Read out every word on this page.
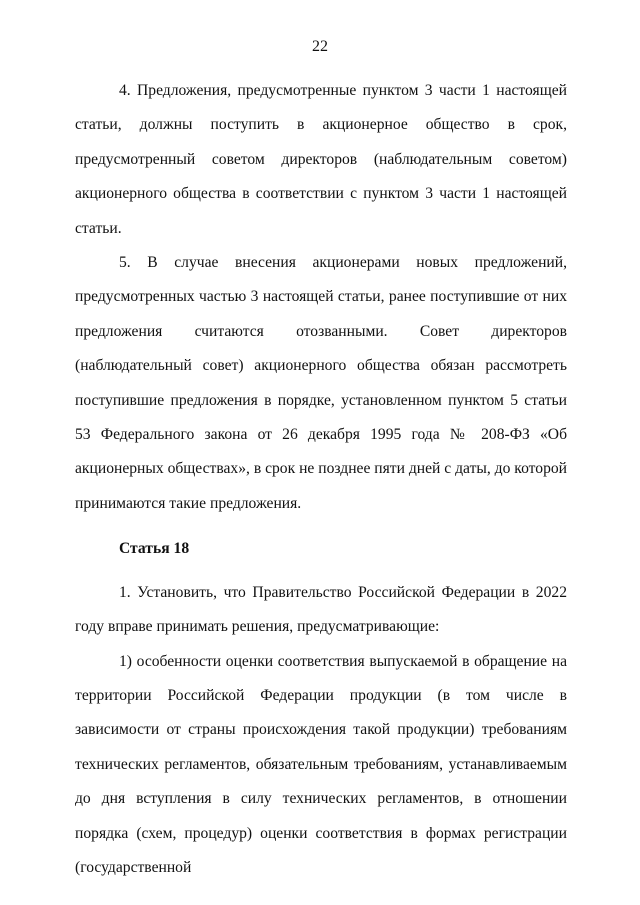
22

4. Предложения, предусмотренные пунктом 3 части 1 настоящей статьи, должны поступить в акционерное общество в срок, предусмотренный советом директоров (наблюдательным советом) акционерного общества в соответствии с пунктом 3 части 1 настоящей статьи.

5. В случае внесения акционерами новых предложений, предусмотренных частью 3 настоящей статьи, ранее поступившие от них предложения считаются отозванными. Совет директоров (наблюдательный совет) акционерного общества обязан рассмотреть поступившие предложения в порядке, установленном пунктом 5 статьи 53 Федерального закона от 26 декабря 1995 года № 208-ФЗ «Об акционерных обществах», в срок не позднее пяти дней с даты, до которой принимаются такие предложения.

Статья 18

1. Установить, что Правительство Российской Федерации в 2022 году вправе принимать решения, предусматривающие:

1) особенности оценки соответствия выпускаемой в обращение на территории Российской Федерации продукции (в том числе в зависимости от страны происхождения такой продукции) требованиям технических регламентов, обязательным требованиям, устанавливаемым до дня вступления в силу технических регламентов, в отношении порядка (схем, процедур) оценки соответствия в формах регистрации (государственной
